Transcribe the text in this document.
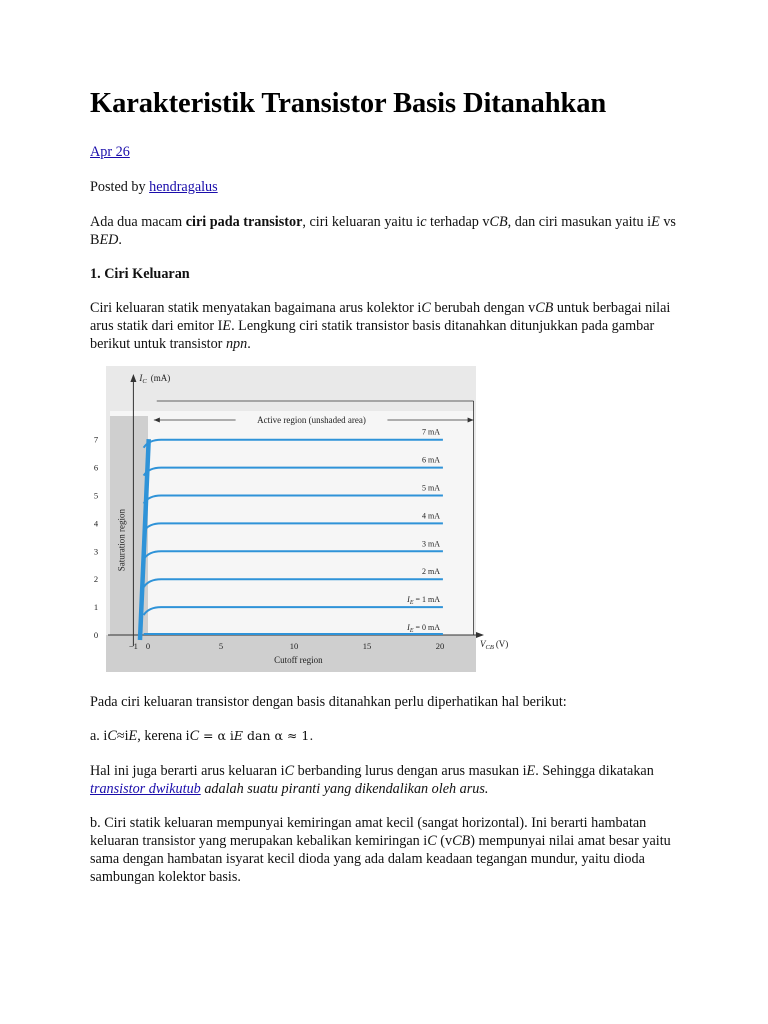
Karakteristik Transistor Basis Ditanahkan

Apr 26

Posted by hendragalus

Ada dua macam ciri pada transistor, ciri keluaran yaitu ic terhadap vCB, dan ciri masukan yaitu iE vs BED.

1. Ciri Keluaran

Ciri keluaran statik menyatakan bagaimana arus kolektor iC berubah dengan vCB untuk berbagai nilai arus statik dari emitor IE. Lengkung ciri statik transistor basis ditanahkan ditunjukkan pada gambar berikut untuk transistor npn.

Pada ciri keluaran transistor dengan basis ditanahkan perlu diperhatikan hal berikut:

a. iC≈iE, kerena iC = α iE dan α ≈ 1.

Hal ini juga berarti arus keluaran iC berbanding lurus dengan arus masukan iE. Sehingga dikatakan transistor dwikutub adalah suatu piranti yang dikendalikan oleh arus.

b. Ciri statik keluaran mempunyai kemiringan amat kecil (sangat horizontal). Ini berarti hambatan keluaran transistor yang merupakan kebalikan kemiringan iC (vCB) mempunyai nilai amat besar yaitu sama dengan hambatan isyarat kecil dioda yang ada dalam keadaan tegangan mundur, yaitu dioda sambungan kolektor basis.

0
1
2
3
4
5
6
7
−1 0	5	10	15	20
$I_C$ (mA)
$V_{CB}$ (V)
7 mA
6 mA
5 mA
4 mA
3 mA
2 mA
$I_E = 1$ mA
$I_E = 0$ mA
Active region (unshaded area)
Saturation region
Cutoff region
